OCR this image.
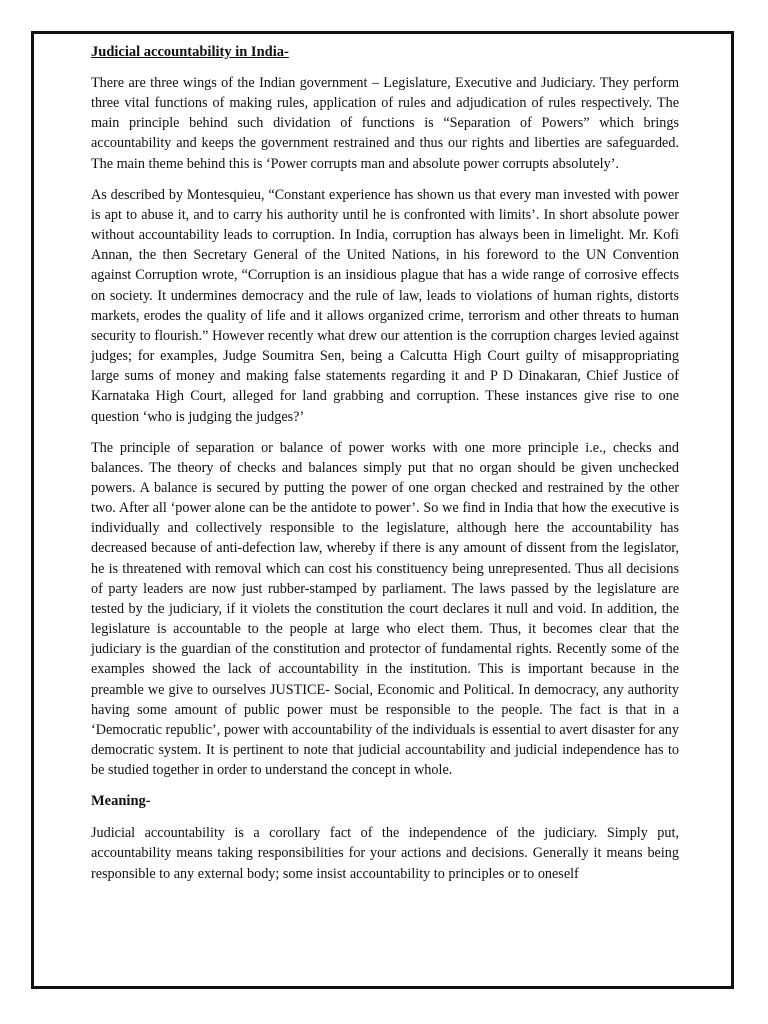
Judicial accountability in India-

There are three wings of the Indian government – Legislature, Executive and Judiciary. They perform three vital functions of making rules, application of rules and adjudication of rules respectively. The main principle behind such dividation of functions is “Separation of Powers” which brings accountability and keeps the government restrained and thus our rights and liberties are safeguarded. The main theme behind this is ‘Power corrupts man and absolute power corrupts absolutely’.

As described by Montesquieu, “Constant experience has shown us that every man invested with power is apt to abuse it, and to carry his authority until he is confronted with limits’. In short absolute power without accountability leads to corruption. In India, corruption has always been in limelight. Mr. Kofi Annan, the then Secretary General of the United Nations, in his foreword to the UN Convention against Corruption wrote, “Corruption is an insidious plague that has a wide range of corrosive effects on society. It undermines democracy and the rule of law, leads to violations of human rights, distorts markets, erodes the quality of life and it allows organized crime, terrorism and other threats to human security to flourish.” However recently what drew our attention is the corruption charges levied against judges; for examples, Judge Soumitra Sen, being a Calcutta High Court guilty of misappropriating large sums of money and making false statements regarding it and P D Dinakaran, Chief Justice of Karnataka High Court, alleged for land grabbing and corruption. These instances give rise to one question ‘who is judging the judges?’

The principle of separation or balance of power works with one more principle i.e., checks and balances. The theory of checks and balances simply put that no organ should be given unchecked powers. A balance is secured by putting the power of one organ checked and restrained by the other two. After all ‘power alone can be the antidote to power’. So we find in India that how the executive is individually and collectively responsible to the legislature, although here the accountability has decreased because of anti-defection law, whereby if there is any amount of dissent from the legislator, he is threatened with removal which can cost his constituency being unrepresented. Thus all decisions of party leaders are now just rubber-stamped by parliament. The laws passed by the legislature are tested by the judiciary, if it violets the constitution the court declares it null and void. In addition, the legislature is accountable to the people at large who elect them. Thus, it becomes clear that the judiciary is the guardian of the constitution and protector of fundamental rights. Recently some of the examples showed the lack of accountability in the institution. This is important because in the preamble we give to ourselves JUSTICE- Social, Economic and Political. In democracy, any authority having some amount of public power must be responsible to the people. The fact is that in a ‘Democratic republic’, power with accountability of the individuals is essential to avert disaster for any democratic system. It is pertinent to note that judicial accountability and judicial independence has to be studied together in order to understand the concept in whole.

Meaning-

Judicial accountability is a corollary fact of the independence of the judiciary. Simply put, accountability means taking responsibilities for your actions and decisions. Generally it means being responsible to any external body; some insist accountability to principles or to oneself
